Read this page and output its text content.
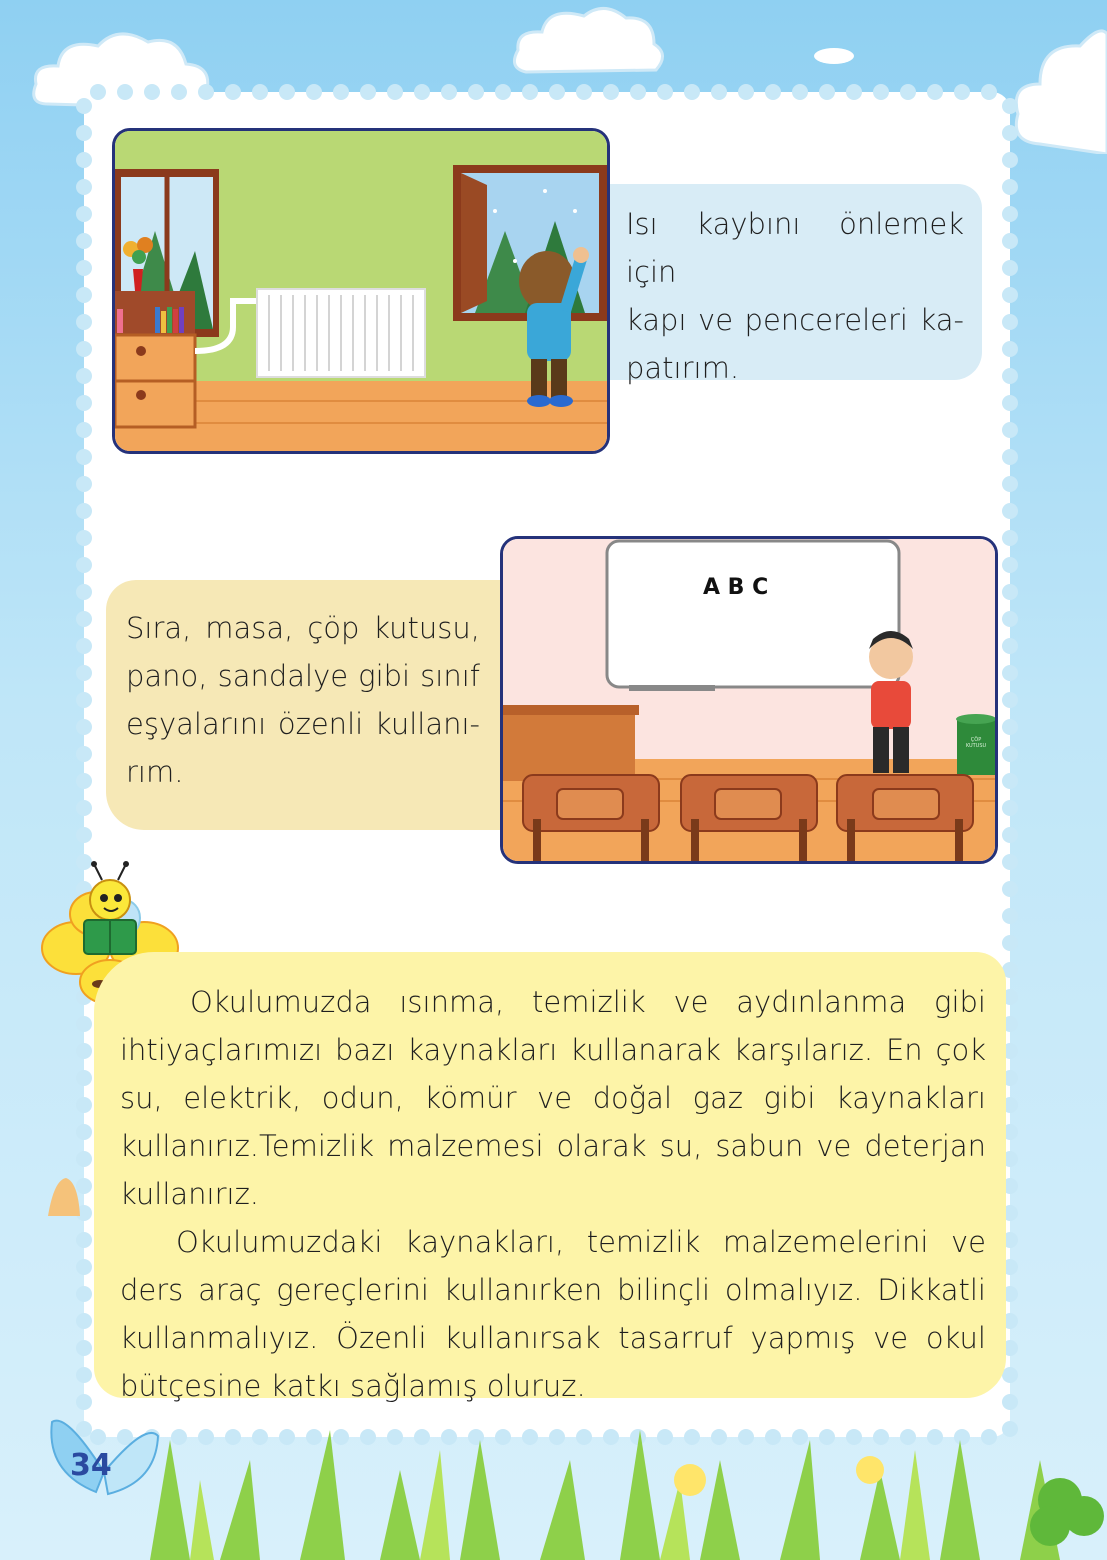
Isı kaybını önlemek için
kapı ve pencereleri ka-
patırım.
Sıra, masa, çöp kutusu,
pano, sandalye gibi sınıf
eşyalarını özenli kullanı-
rım.
A B C
ÇÖP
KUTUSU

Okulumuzda ısınma, temizlik ve aydınlanma gibi ihtiyaçlarımızı bazı kaynakları kullanarak karşılarız. En çok su, elektrik, odun, kömür ve doğal gaz gibi kaynakları kullanırız.Temizlik malzemesi olarak su, sabun ve deterjan kullanırız.

Okulumuzdaki kaynakları, temizlik malzemelerini ve ders araç gereçlerini kullanırken bilinçli olmalıyız. Dikkatli kullanmalıyız. Özenli kullanırsak tasarruf yapmış ve okul bütçesine katkı sağlamış oluruz.

34
